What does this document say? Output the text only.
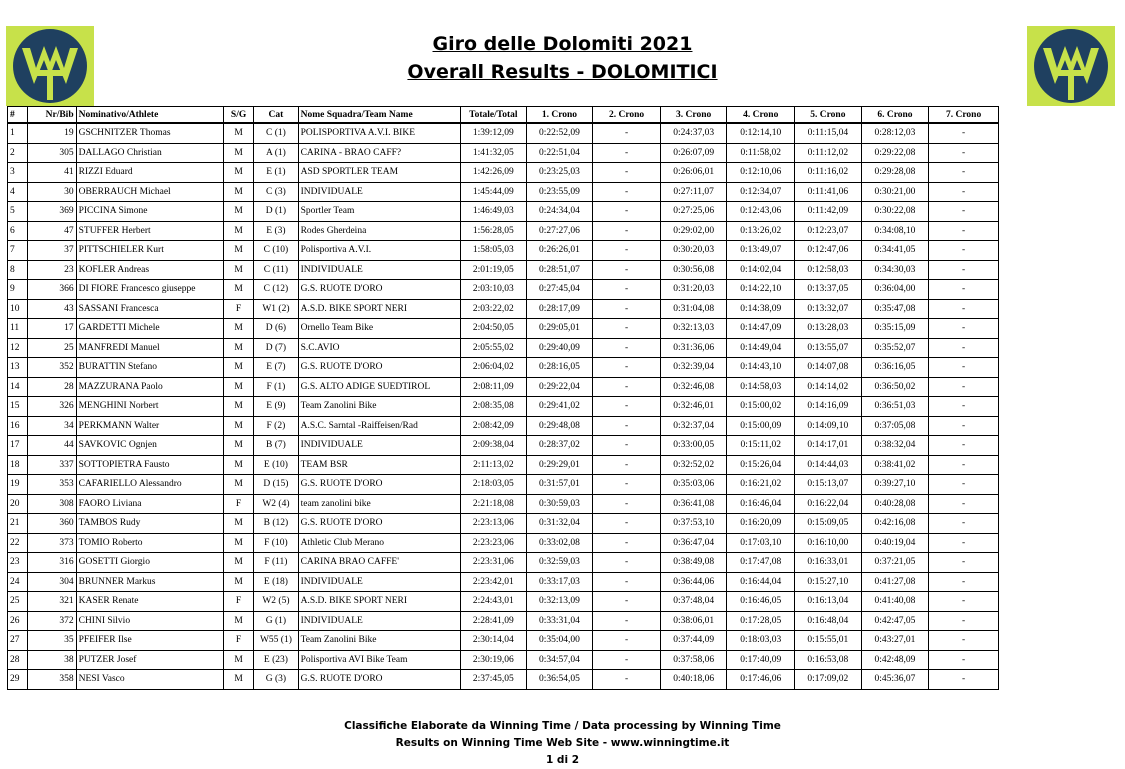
Giro delle Dolomiti 2021
Overall Results - DOLOMITICI
#	Nr/Bib	Nominativo/Athlete	S/G	Cat	Nome Squadra/Team Name	Totale/Total	1. Crono	2. Crono	3. Crono	4. Crono	5. Crono	6. Crono	7. Crono
1	19	GSCHNITZER Thomas	M	C (1)	POLISPORTIVA A.V.I. BIKE	1:39:12,09	0:22:52,09	-	0:24:37,03	0:12:14,10	0:11:15,04	0:28:12,03	-
2	305	DALLAGO Christian	M	A (1)	CARINA - BRAO CAFF?	1:41:32,05	0:22:51,04	-	0:26:07,09	0:11:58,02	0:11:12,02	0:29:22,08	-
3	41	RIZZI Eduard	M	E (1)	ASD SPORTLER TEAM	1:42:26,09	0:23:25,03	-	0:26:06,01	0:12:10,06	0:11:16,02	0:29:28,08	-
4	30	OBERRAUCH Michael	M	C (3)	INDIVIDUALE	1:45:44,09	0:23:55,09	-	0:27:11,07	0:12:34,07	0:11:41,06	0:30:21,00	-
5	369	PICCINA Simone	M	D (1)	Sportler Team	1:46:49,03	0:24:34,04	-	0:27:25,06	0:12:43,06	0:11:42,09	0:30:22,08	-
6	47	STUFFER Herbert	M	E (3)	Rodes Gherdeina	1:56:28,05	0:27:27,06	-	0:29:02,00	0:13:26,02	0:12:23,07	0:34:08,10	-
7	37	PITTSCHIELER Kurt	M	C (10)	Polisportiva A.V.I.	1:58:05,03	0:26:26,01	-	0:30:20,03	0:13:49,07	0:12:47,06	0:34:41,05	-
8	23	KOFLER Andreas	M	C (11)	INDIVIDUALE	2:01:19,05	0:28:51,07	-	0:30:56,08	0:14:02,04	0:12:58,03	0:34:30,03	-
9	366	DI FIORE Francesco giuseppe	M	C (12)	G.S. RUOTE D'ORO	2:03:10,03	0:27:45,04	-	0:31:20,03	0:14:22,10	0:13:37,05	0:36:04,00	-
10	43	SASSANI Francesca	F	W1 (2)	A.S.D. BIKE SPORT NERI	2:03:22,02	0:28:17,09	-	0:31:04,08	0:14:38,09	0:13:32,07	0:35:47,08	-
11	17	GARDETTI Michele	M	D (6)	Ornello Team Bike	2:04:50,05	0:29:05,01	-	0:32:13,03	0:14:47,09	0:13:28,03	0:35:15,09	-
12	25	MANFREDI Manuel	M	D (7)	S.C.AVIO	2:05:55,02	0:29:40,09	-	0:31:36,06	0:14:49,04	0:13:55,07	0:35:52,07	-
13	352	BURATTIN Stefano	M	E (7)	G.S. RUOTE D'ORO	2:06:04,02	0:28:16,05	-	0:32:39,04	0:14:43,10	0:14:07,08	0:36:16,05	-
14	28	MAZZURANA Paolo	M	F (1)	G.S. ALTO ADIGE SUEDTIROL	2:08:11,09	0:29:22,04	-	0:32:46,08	0:14:58,03	0:14:14,02	0:36:50,02	-
15	326	MENGHINI Norbert	M	E (9)	Team Zanolini Bike	2:08:35,08	0:29:41,02	-	0:32:46,01	0:15:00,02	0:14:16,09	0:36:51,03	-
16	34	PERKMANN Walter	M	F (2)	A.S.C. Sarntal -Raiffeisen/Rad	2:08:42,09	0:29:48,08	-	0:32:37,04	0:15:00,09	0:14:09,10	0:37:05,08	-
17	44	SAVKOVIC Ognjen	M	B (7)	INDIVIDUALE	2:09:38,04	0:28:37,02	-	0:33:00,05	0:15:11,02	0:14:17,01	0:38:32,04	-
18	337	SOTTOPIETRA Fausto	M	E (10)	TEAM BSR	2:11:13,02	0:29:29,01	-	0:32:52,02	0:15:26,04	0:14:44,03	0:38:41,02	-
19	353	CAFARIELLO Alessandro	M	D (15)	G.S. RUOTE D'ORO	2:18:03,05	0:31:57,01	-	0:35:03,06	0:16:21,02	0:15:13,07	0:39:27,10	-
20	308	FAORO Liviana	F	W2 (4)	team zanolini bike	2:21:18,08	0:30:59,03	-	0:36:41,08	0:16:46,04	0:16:22,04	0:40:28,08	-
21	360	TAMBOS Rudy	M	B (12)	G.S. RUOTE D'ORO	2:23:13,06	0:31:32,04	-	0:37:53,10	0:16:20,09	0:15:09,05	0:42:16,08	-
22	373	TOMIO Roberto	M	F (10)	Athletic Club Merano	2:23:23,06	0:33:02,08	-	0:36:47,04	0:17:03,10	0:16:10,00	0:40:19,04	-
23	316	GOSETTI Giorgio	M	F (11)	CARINA BRAO CAFFE'	2:23:31,06	0:32:59,03	-	0:38:49,08	0:17:47,08	0:16:33,01	0:37:21,05	-
24	304	BRUNNER Markus	M	E (18)	INDIVIDUALE	2:23:42,01	0:33:17,03	-	0:36:44,06	0:16:44,04	0:15:27,10	0:41:27,08	-
25	321	KASER Renate	F	W2 (5)	A.S.D. BIKE SPORT NERI	2:24:43,01	0:32:13,09	-	0:37:48,04	0:16:46,05	0:16:13,04	0:41:40,08	-
26	372	CHINI Silvio	M	G (1)	INDIVIDUALE	2:28:41,09	0:33:31,04	-	0:38:06,01	0:17:28,05	0:16:48,04	0:42:47,05	-
27	35	PFEIFER Ilse	F	W55 (1)	Team Zanolini Bike	2:30:14,04	0:35:04,00	-	0:37:44,09	0:18:03,03	0:15:55,01	0:43:27,01	-
28	38	PUTZER Josef	M	E (23)	Polisportiva AVI Bike Team	2:30:19,06	0:34:57,04	-	0:37:58,06	0:17:40,09	0:16:53,08	0:42:48,09	-
29	358	NESI Vasco	M	G (3)	G.S. RUOTE D'ORO	2:37:45,05	0:36:54,05	-	0:40:18,06	0:17:46,06	0:17:09,02	0:45:36,07	-
Classifiche Elaborate da Winning Time / Data processing by Winning Time
Results on Winning Time Web Site - www.winningtime.it
1 di 2
